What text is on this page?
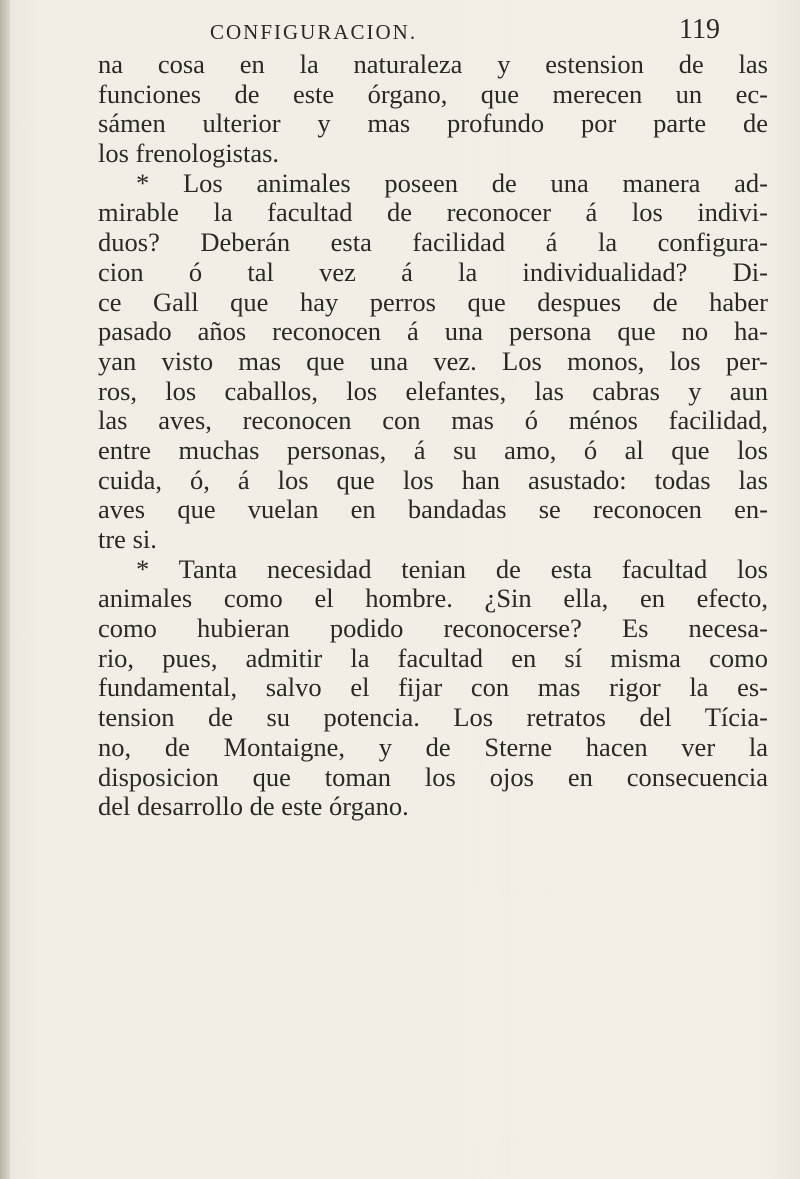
CONFIGURACION.	119
na cosa en la naturaleza y estension de las
funciones de este órgano, que merecen un ec-
sámen ulterior y mas profundo por parte de
los frenologistas.
* Los animales poseen de una manera ad-
mirable la facultad de reconocer á los indivi-
duos? Deberán esta facilidad á la configura-
cion ó tal vez á la individualidad? Di-
ce Gall que hay perros que despues de haber
pasado años reconocen á una persona que no ha-
yan visto mas que una vez. Los monos, los per-
ros, los caballos, los elefantes, las cabras y aun
las aves, reconocen con mas ó ménos facilidad,
entre muchas personas, á su amo, ó al que los
cuida, ó, á los que los han asustado: todas las
aves que vuelan en bandadas se reconocen en-
tre si.
* Tanta necesidad tenian de esta facultad los
animales como el hombre. ¿Sin ella, en efecto,
como hubieran podido reconocerse? Es necesa-
rio, pues, admitir la facultad en sí misma como
fundamental, salvo el fijar con mas rigor la es-
tension de su potencia. Los retratos del Tícia-
no, de Montaigne, y de Sterne hacen ver la
disposicion que toman los ojos en consecuencia
del desarrollo de este órgano.
